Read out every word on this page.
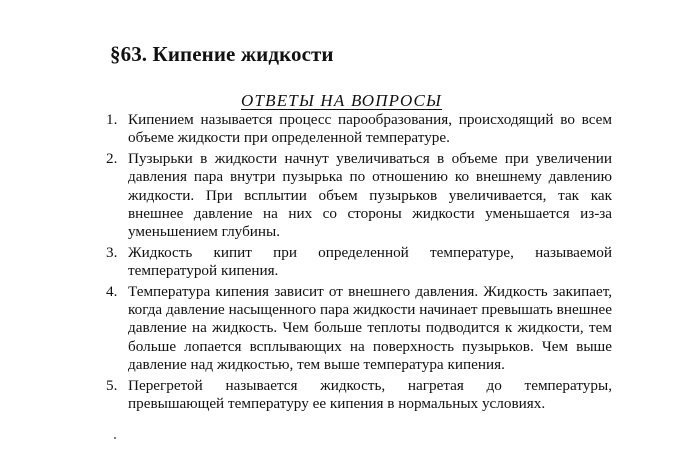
§63. Кипение жидкости
ОТВЕТЫ НА ВОПРОСЫ
1. Кипением называется процесс парообразования, происходящий во всем объеме жидкости при определенной температуре.
2. Пузырьки в жидкости начнут увеличиваться в объеме при увеличении давления пара внутри пузырька по отношению ко внешнему давлению жидкости. При всплытии объем пузырьков увеличивается, так как внешнее давление на них со стороны жидкости уменьшается из-за уменьшением глубины.
3. Жидкость кипит при определенной температуре, называемой температурой кипения.
4. Температура кипения зависит от внешнего давления. Жидкость закипает, когда давление насыщенного пара жидкости начинает превышать внешнее давление на жидкость. Чем больше теплоты подводится к жидкости, тем больше лопается всплывающих на поверхность пузырьков. Чем выше давление над жидкостью, тем выше температура кипения.
5. Перегретой называется жидкость, нагретая до температуры, превышающей температуру ее кипения в нормальных условиях.
